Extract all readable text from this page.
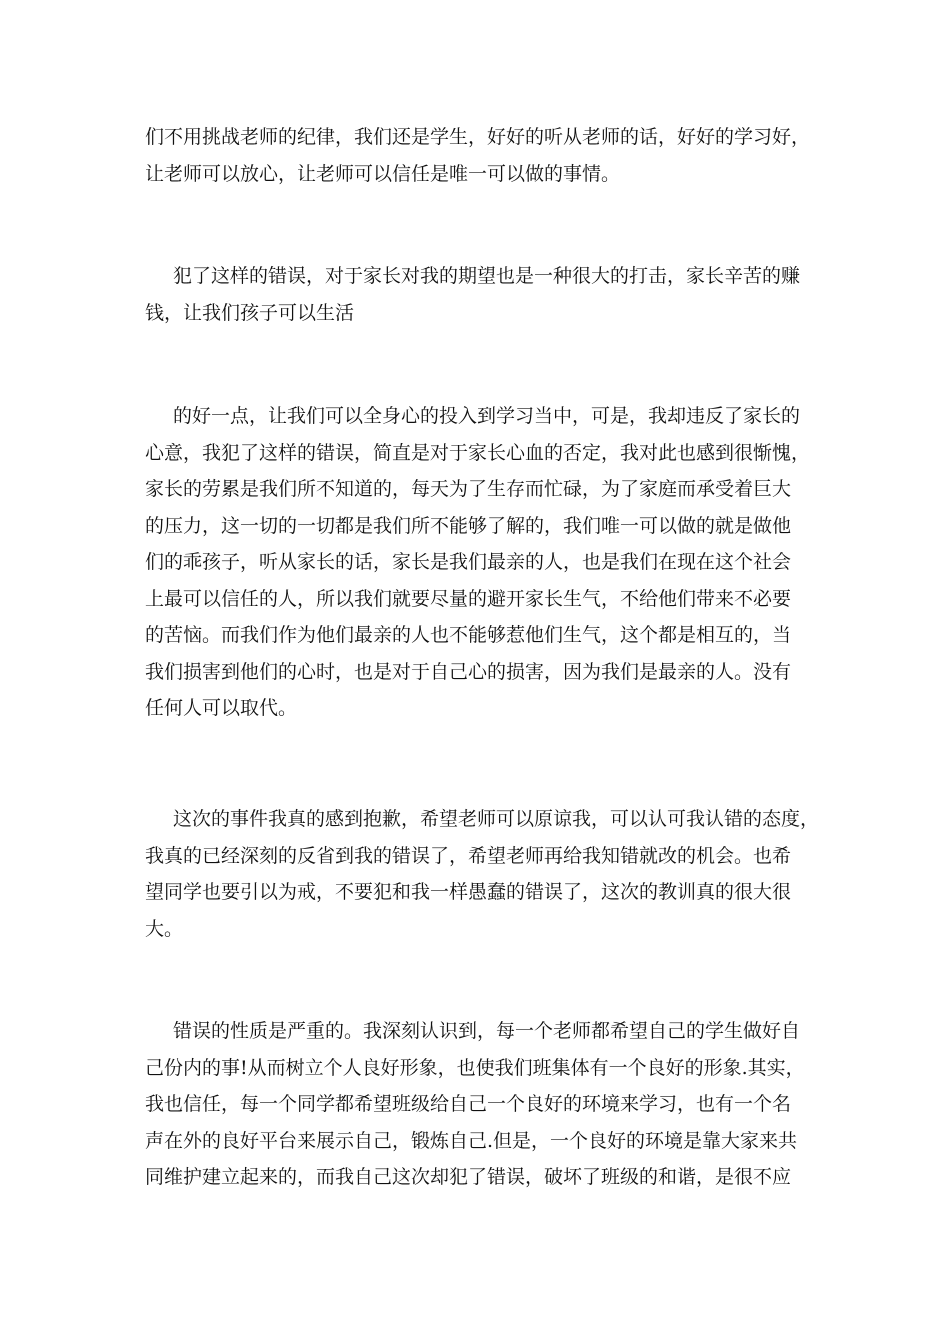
们不用挑战老师的纪律，我们还是学生，好好的听从老师的话，好好的学习好，
让老师可以放心，让老师可以信任是唯一可以做的事情。
犯了这样的错误，对于家长对我的期望也是一种很大的打击，家长辛苦的赚
钱，让我们孩子可以生活
的好一点，让我们可以全身心的投入到学习当中，可是，我却违反了家长的
心意，我犯了这样的错误，简直是对于家长心血的否定，我对此也感到很惭愧，
家长的劳累是我们所不知道的，每天为了生存而忙碌，为了家庭而承受着巨大
的压力，这一切的一切都是我们所不能够了解的，我们唯一可以做的就是做他
们的乖孩子，听从家长的话，家长是我们最亲的人，也是我们在现在这个社会
上最可以信任的人，所以我们就要尽量的避开家长生气，不给他们带来不必要
的苦恼。而我们作为他们最亲的人也不能够惹他们生气，这个都是相互的，当
我们损害到他们的心时，也是对于自己心的损害，因为我们是最亲的人。没有
任何人可以取代。
这次的事件我真的感到抱歉，希望老师可以原谅我，可以认可我认错的态度，
我真的已经深刻的反省到我的错误了，希望老师再给我知错就改的机会。也希
望同学也要引以为戒，不要犯和我一样愚蠢的错误了，这次的教训真的很大很
大。
错误的性质是严重的。我深刻认识到，每一个老师都希望自己的学生做好自
己份内的事!从而树立个人良好形象，也使我们班集体有一个良好的形象.其实，
我也信任，每一个同学都希望班级给自己一个良好的环境来学习，也有一个名
声在外的良好平台来展示自己，锻炼自己.但是，一个良好的环境是靠大家来共
同维护建立起来的，而我自己这次却犯了错误，破坏了班级的和谐，是很不应
